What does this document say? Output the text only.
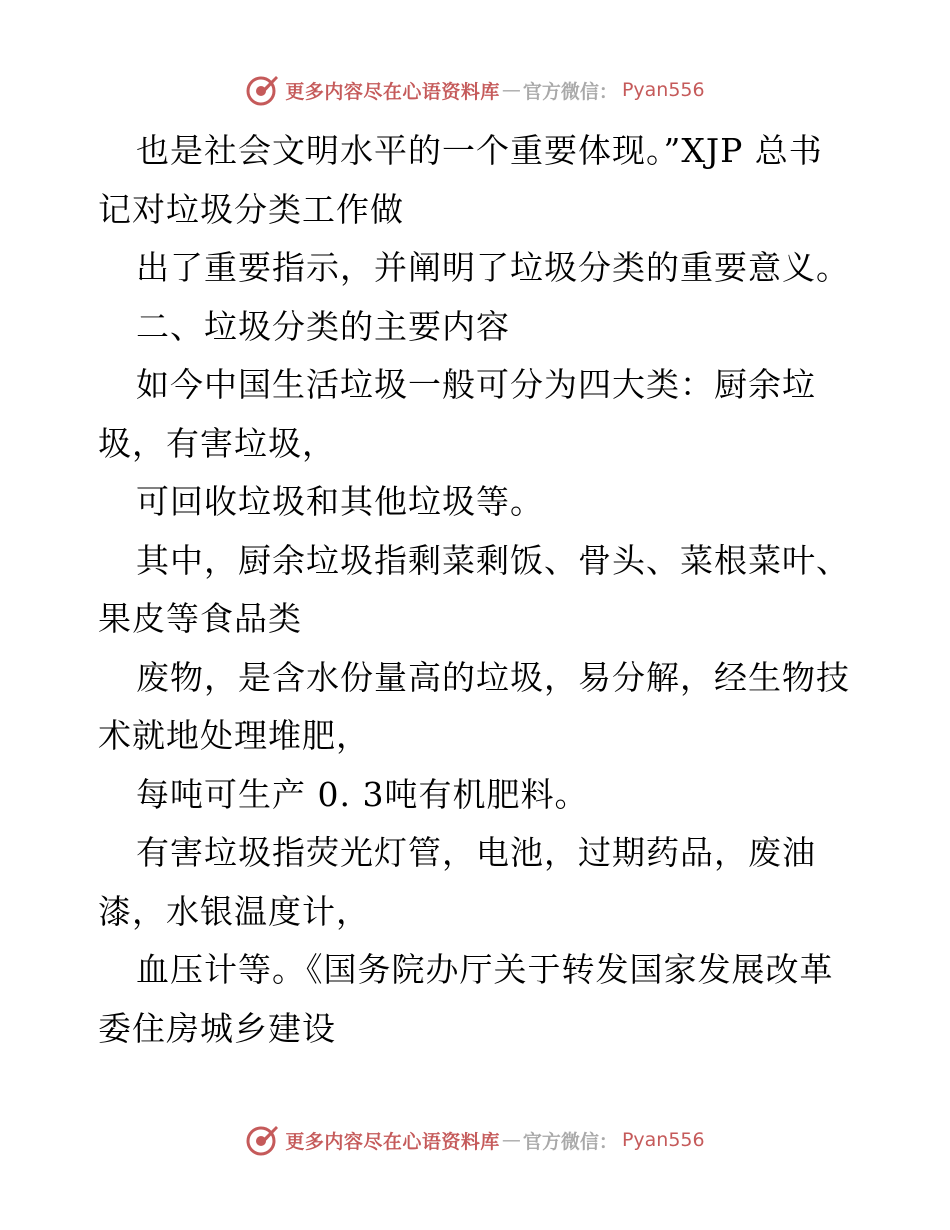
更多内容尽在心语资料库 — 官方微信： Pyan556

也是社会文明水平的一个重要体现。”XJP 总书

记对垃圾分类工作做

出了重要指示，并阐明了垃圾分类的重要意义。

二、垃圾分类的主要内容

如今中国生活垃圾一般可分为四大类：厨余垃

圾，有害垃圾，

可回收垃圾和其他垃圾等。

其中，厨余垃圾指剩菜剩饭、骨头、菜根菜叶、

果皮等食品类

废物，是含水份量高的垃圾，易分解，经生物技

术就地处理堆肥，

每吨可生产 0. 3吨有机肥料。

有害垃圾指荧光灯管，电池，过期药品，废油

漆，水银温度计，

血压计等。《国务院办厅关于转发国家发展改革

委住房城乡建设

更多内容尽在心语资料库 — 官方微信： Pyan556
